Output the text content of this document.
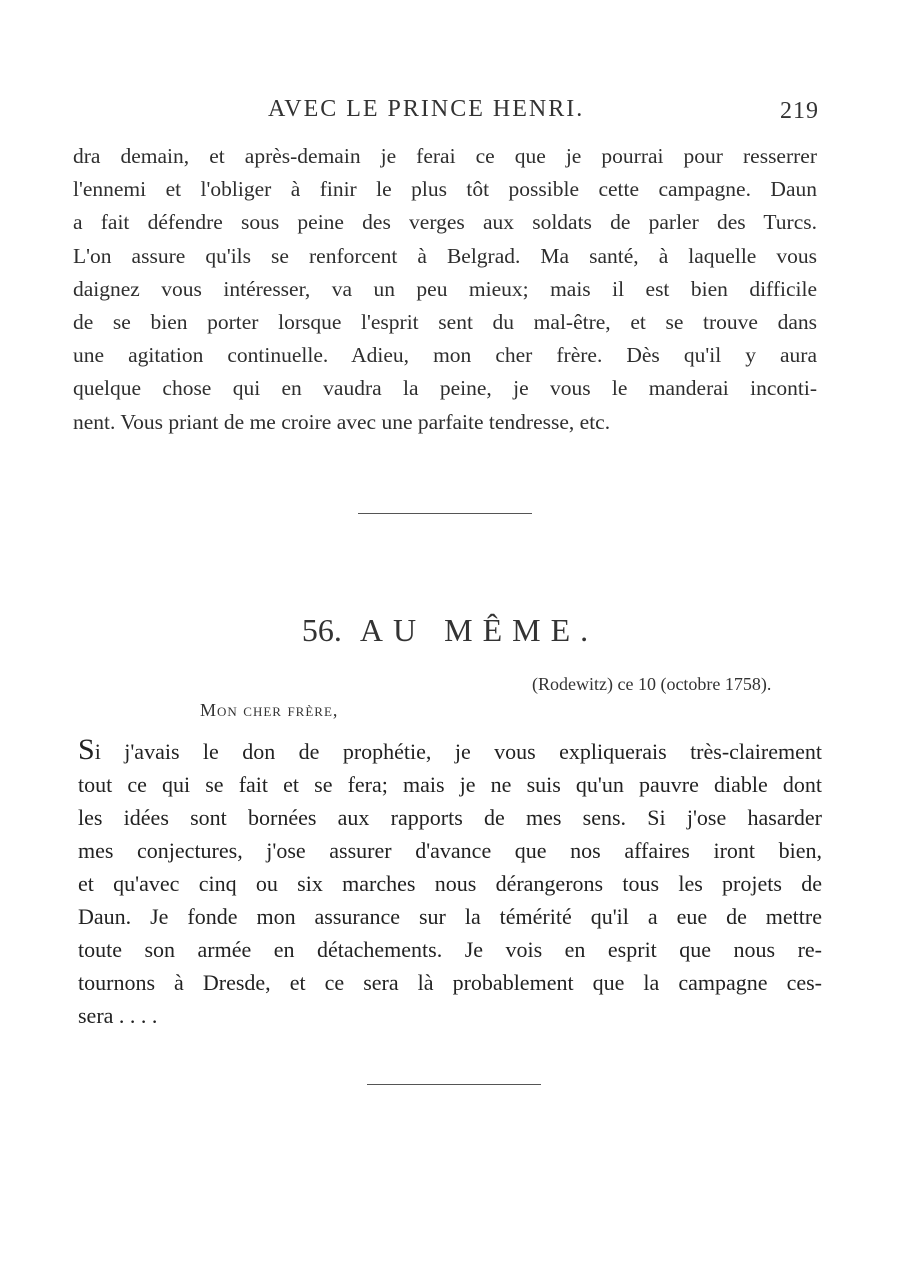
AVEC LE PRINCE HENRI.	219
dra demain, et après-demain je ferai ce que je pourrai pour resserrer
l'ennemi et l'obliger à finir le plus tôt possible cette campagne. Daun
a fait défendre sous peine des verges aux soldats de parler des Turcs.
L'on assure qu'ils se renforcent à Belgrad. Ma santé, à laquelle vous
daignez vous intéresser, va un peu mieux; mais il est bien difficile
de se bien porter lorsque l'esprit sent du mal-être, et se trouve dans
une agitation continuelle. Adieu, mon cher frère. Dès qu'il y aura
quelque chose qui en vaudra la peine, je vous le manderai inconti-
nent. Vous priant de me croire avec une parfaite tendresse, etc.
56. AU MÊME.
(Rodewitz) ce 10 (octobre 1758).
Mon cher frère,
Si j'avais le don de prophétie, je vous expliquerais très-clairement
tout ce qui se fait et se fera; mais je ne suis qu'un pauvre diable dont
les idées sont bornées aux rapports de mes sens. Si j'ose hasarder
mes conjectures, j'ose assurer d'avance que nos affaires iront bien,
et qu'avec cinq ou six marches nous dérangerons tous les projets de
Daun. Je fonde mon assurance sur la témérité qu'il a eue de mettre
toute son armée en détachements. Je vois en esprit que nous re-
tournons à Dresde, et ce sera là probablement que la campagne ces-
sera . . . .
